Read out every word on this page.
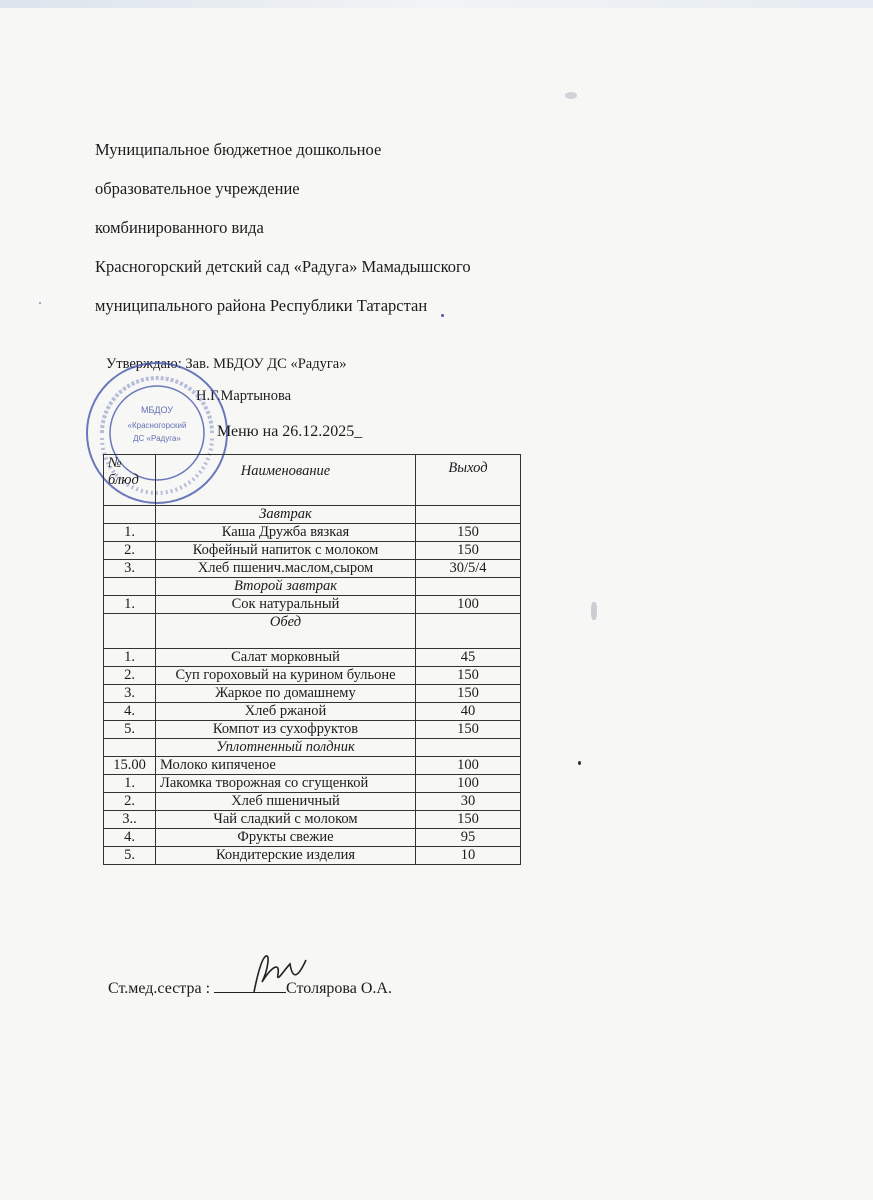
Муниципальное бюджетное дошкольное
образовательное учреждение
комбинированного вида
Красногорский детский сад «Радуга» Мамадышского
муниципального района Республики Татарстан
Утверждаю: Зав. МБДОУ ДС «Радуга»
Н.Г.Мартынова
МБДОУ
«Красногорский
ДС «Радуга» Меню на 26.12.2025_
№ блюд	Наименование	Выход
	Завтрак	
1.	Каша Дружба вязкая	150
2.	Кофейный напиток с молоком	150
3.	Хлеб пшенич.маслом,сыром	30/5/4
	Второй завтрак	
1.	Сок натуральный	100
	Обед	
1.	Салат морковный	45
2.	Суп гороховый на курином бульоне	150
3.	Жаркое по домашнему	150
4.	Хлеб ржаной	40
5.	Компот из сухофруктов	150
	Уплотненный полдник	
15.00	Молоко кипяченое	100
1.	Лакомка творожная со сгущенкой	100
2.	Хлеб пшеничный	30
3..	Чай сладкий с молоком	150
4.	Фрукты свежие	95
5.	Кондитерские изделия	10
Ст.мед.сестра :	Столярова О.А.
